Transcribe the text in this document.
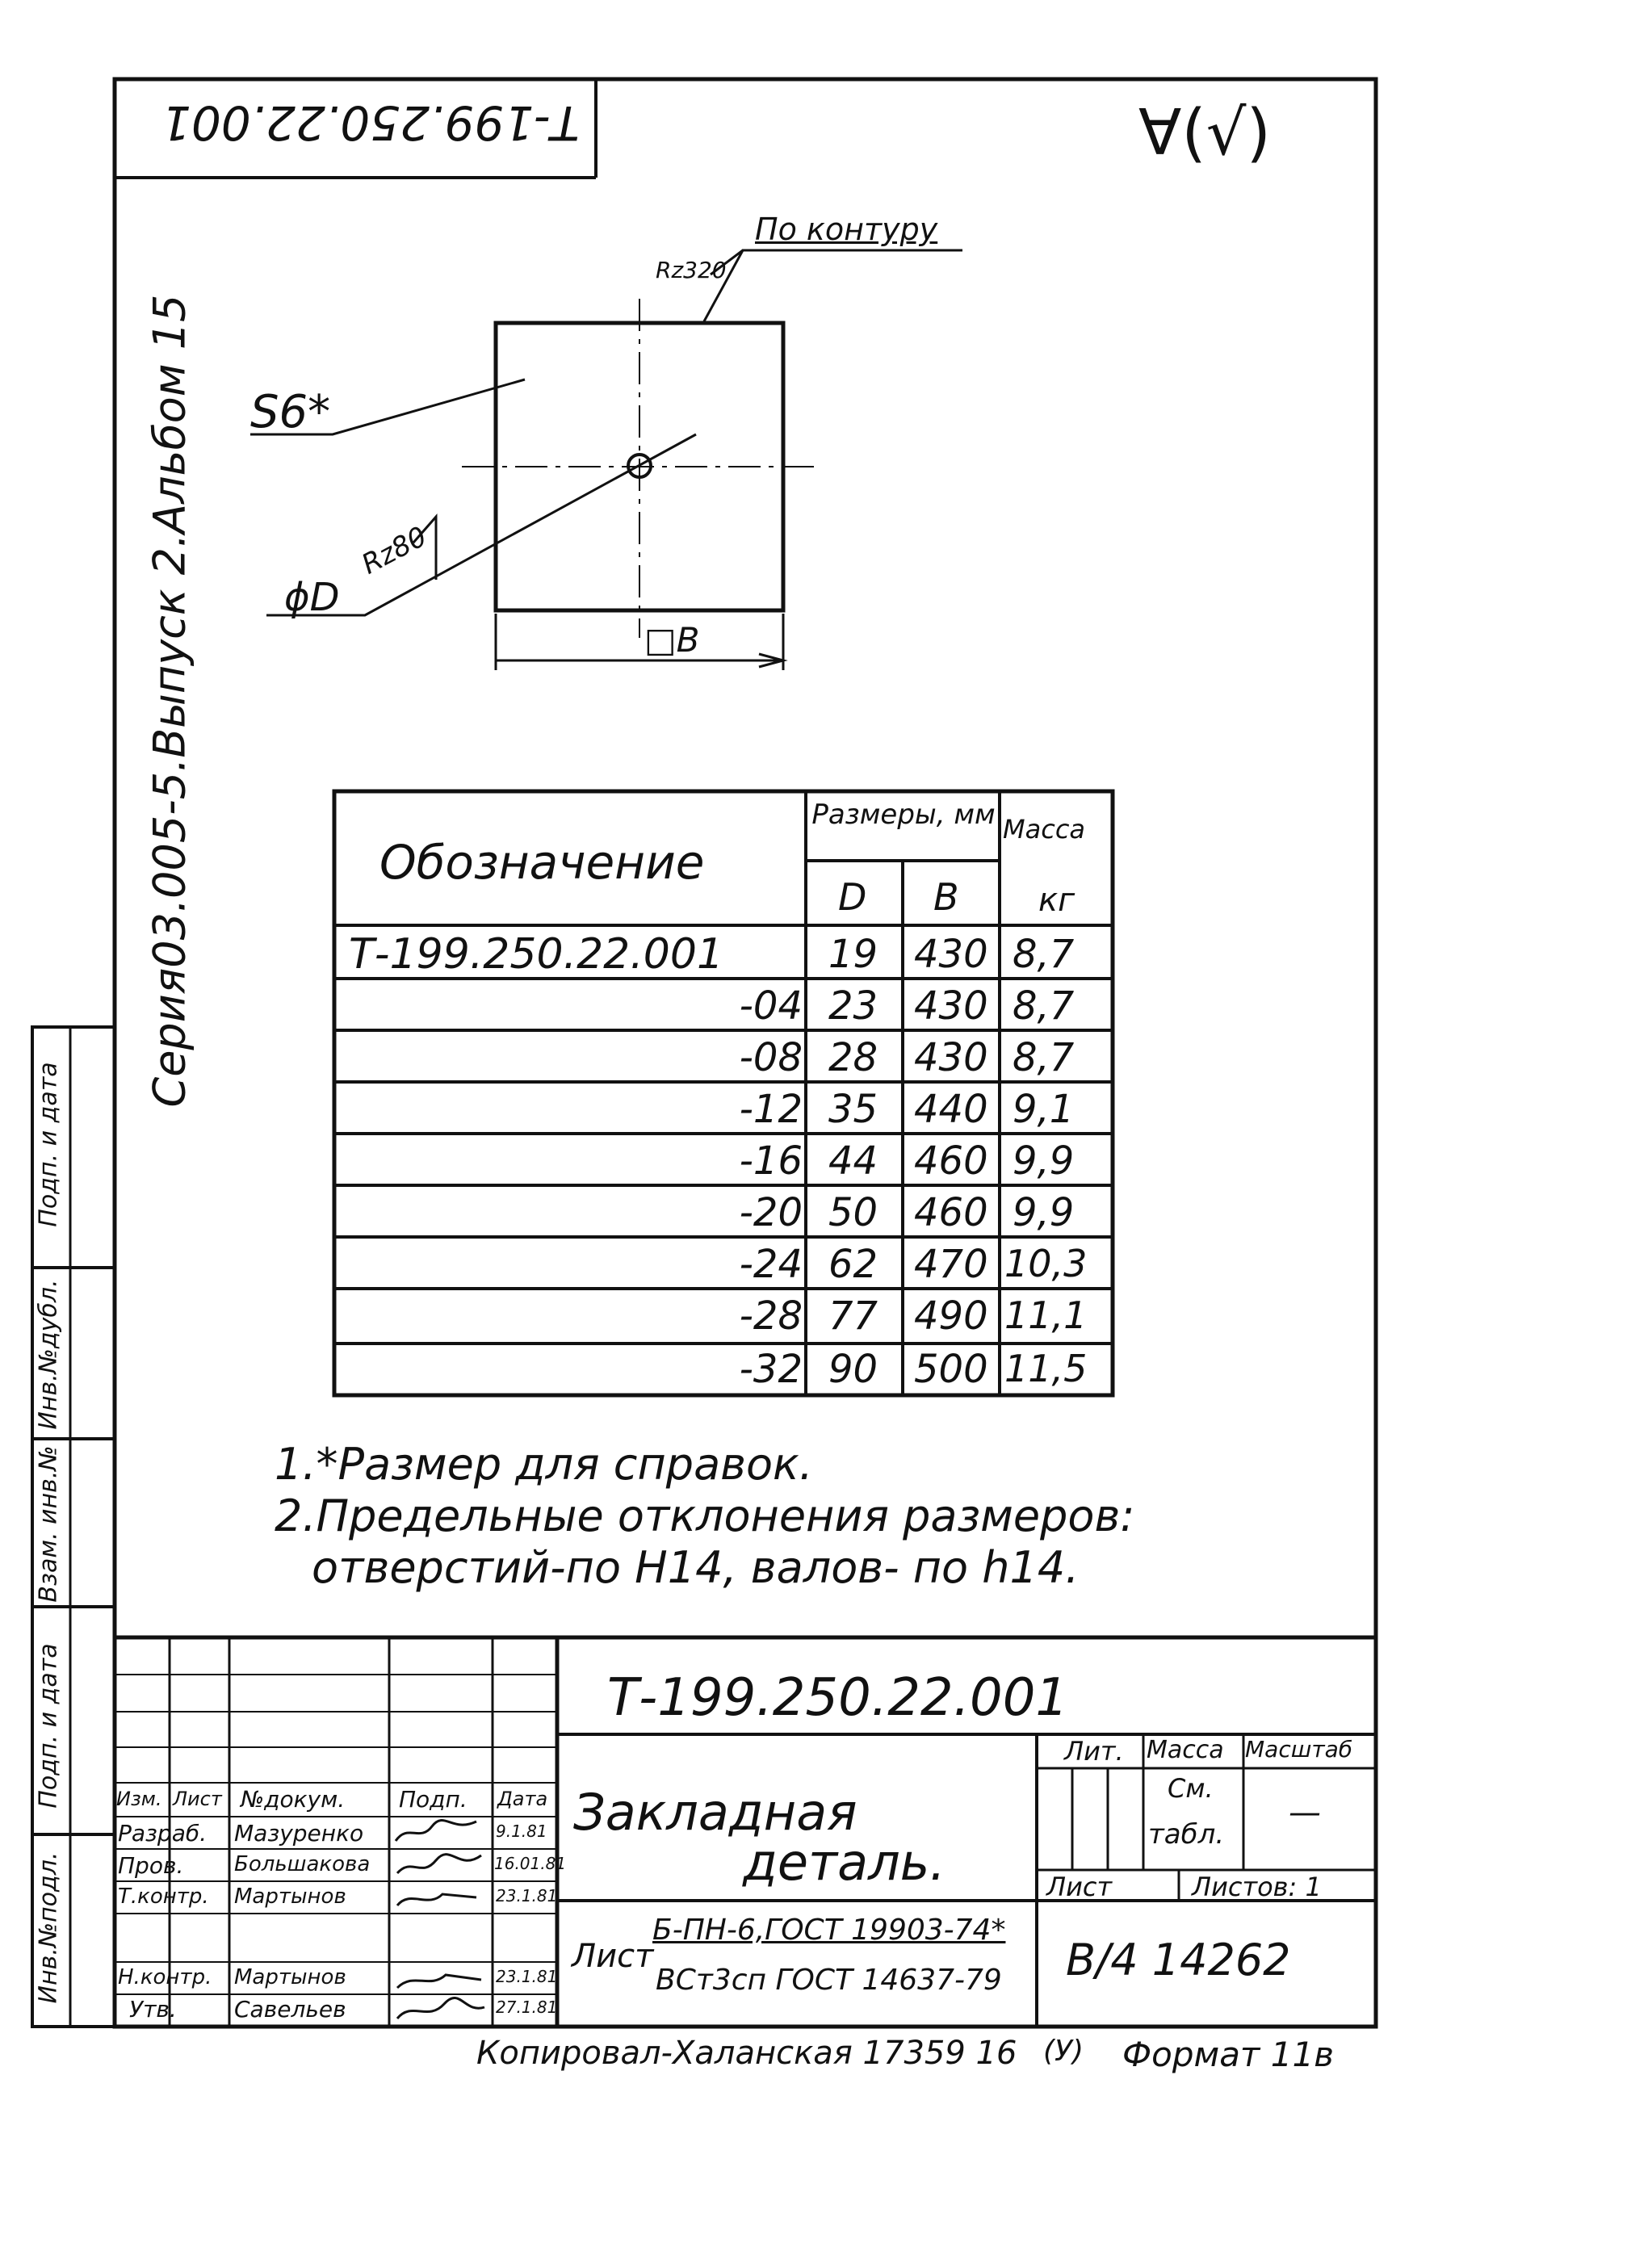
Т-199.250.22.001	∀(√)
Серия03.005-5.Выпуск 2.Альбом 15
Инв.№подл.
Подп. и дата
Взам. инв.№
Инв.№дубл.
Подп. и дата
По контуру
Rz320
S6*
Rz80
ϕD
□В
Обозначение
Размеры, мм
D В
Масса
кг
Т-199.250.22.001	19 430 8,7
-04 23 430 8,7
-08 28 430 8,7
-12 35 440 9,1
-16 44 460 9,9
-20 50 460 9,9
-24 62 470 10,3
-28 77 490 11,1
-32 90 500 11,5
1.*Размер для справок.
2.Предельные отклонения размеров:
отверстий-по Н14, валов- по h14.
Т-199.250.22.001
Закладная
деталь.
Лит. Масса Масштаб
См.
табл.
—
Лист	Листов: 1
Лист
Б-ПН-6,ГОСТ 19903-74*
ВСт3сп ГОСТ 14637-79 В/4 14262
Изм. Лист №докум. Подп. Дата
Разраб. Мазуренко	9.1.81
Пров. Большакова	16.01.81
Т.контр. Мартынов	23.1.81
Н.контр. Мартынов	23.1.81
Утв.	Савельев	27.1.81
Копировал-Халанская 17359 16 (У) Формат 11в
